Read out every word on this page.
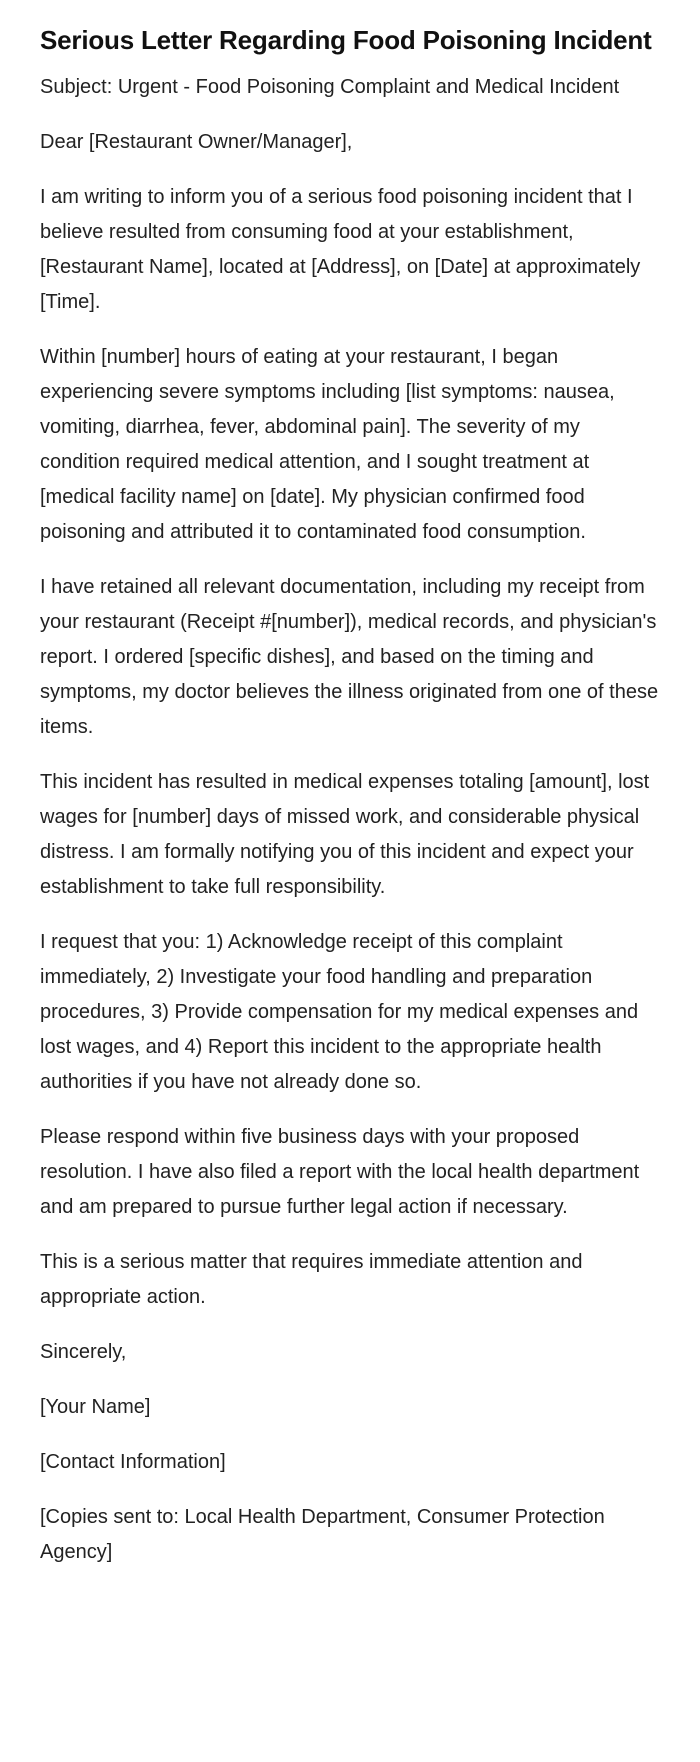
Serious Letter Regarding Food Poisoning Incident

Subject: Urgent - Food Poisoning Complaint and Medical Incident

Dear [Restaurant Owner/Manager],

I am writing to inform you of a serious food poisoning incident that I believe resulted from consuming food at your establishment, [Restaurant Name], located at [Address], on [Date] at approximately [Time].

Within [number] hours of eating at your restaurant, I began experiencing severe symptoms including [list symptoms: nausea, vomiting, diarrhea, fever, abdominal pain]. The severity of my condition required medical attention, and I sought treatment at [medical facility name] on [date]. My physician confirmed food poisoning and attributed it to contaminated food consumption.

I have retained all relevant documentation, including my receipt from your restaurant (Receipt #[number]), medical records, and physician's report. I ordered [specific dishes], and based on the timing and symptoms, my doctor believes the illness originated from one of these items.

This incident has resulted in medical expenses totaling [amount], lost wages for [number] days of missed work, and considerable physical distress. I am formally notifying you of this incident and expect your establishment to take full responsibility.

I request that you: 1) Acknowledge receipt of this complaint immediately, 2) Investigate your food handling and preparation procedures, 3) Provide compensation for my medical expenses and lost wages, and 4) Report this incident to the appropriate health authorities if you have not already done so.

Please respond within five business days with your proposed resolution. I have also filed a report with the local health department and am prepared to pursue further legal action if necessary.

This is a serious matter that requires immediate attention and appropriate action.

Sincerely,

[Your Name]

[Contact Information]

[Copies sent to: Local Health Department, Consumer Protection Agency]
